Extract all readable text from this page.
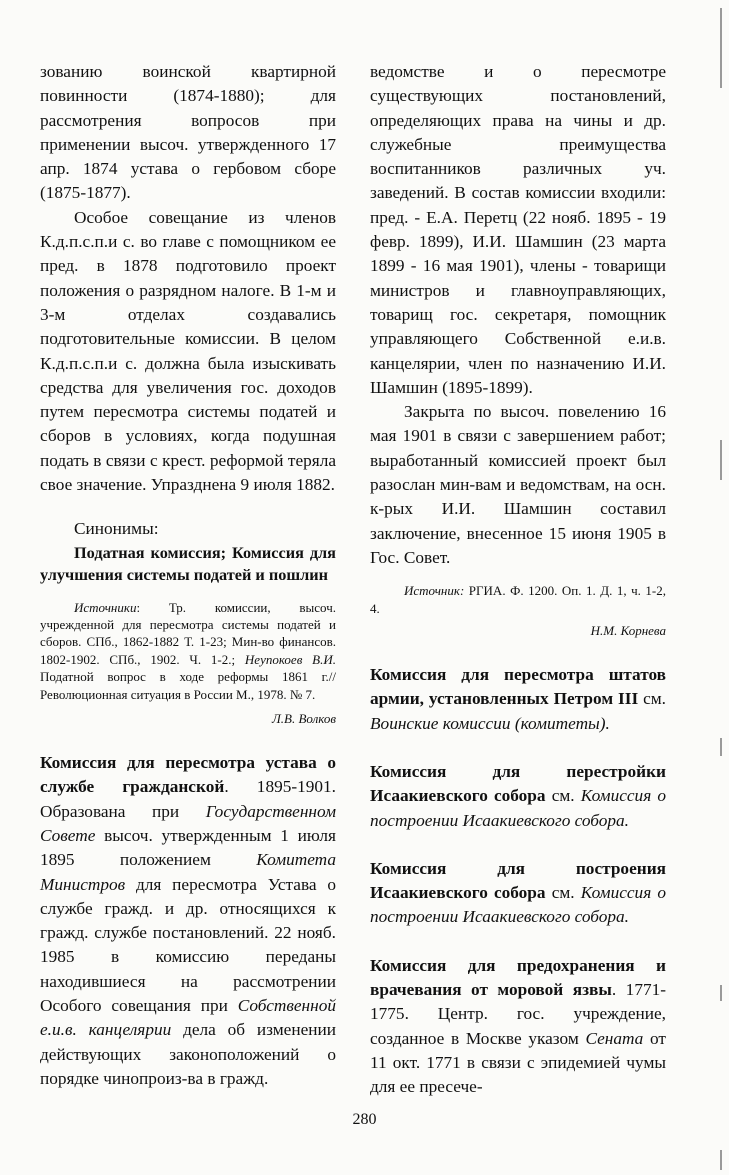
зованию воинской квартирной повинности (1874-1880); для рассмотрения вопросов при применении высоч. утвержденного 17 апр. 1874 устава о гербовом сборе (1875-1877).

Особое совещание из членов К.д.п.с.п.и с. во главе с помощником ее пред. в 1878 подготовило проект положения о разрядном налоге. В 1-м и 3-м отделах создавались подготовительные комиссии. В целом К.д.п.с.п.и с. должна была изыскивать средства для увеличения гос. доходов путем пересмотра системы податей и сборов в условиях, когда подушная подать в связи с крест. реформой теряла свое значение. Упразднена 9 июля 1882.

Синонимы:

Податная комиссия; Комиссия для улучшения системы податей и пошлин

Источники: Тр. комиссии, высоч. учрежденной для пересмотра системы податей и сборов. СПб., 1862-1882 Т. 1-23; Мин-во финансов. 1802-1902. СПб., 1902. Ч. 1-2.; Неупокоев В.И. Податной вопрос в ходе реформы 1861 г.// Революционная ситуация в России М., 1978. № 7.

Л.В. Волков

Комиссия для пересмотра устава о службе гражданской. 1895-1901. Образована при Государственном Совете высоч. утвержденным 1 июля 1895 положением Комитета Министров для пересмотра Устава о службе гражд. и др. относящихся к гражд. службе постановлений. 22 нояб. 1985 в комиссию переданы находившиеся на рассмотрении Особого совещания при Собственной е.и.в. канцелярии дела об изменении действующих законоположений о порядке чинопроиз-ва в гражд.

ведомстве и о пересмотре существующих постановлений, определяющих права на чины и др. служебные преимущества воспитанников различных уч. заведений. В состав комиссии входили: пред. - Е.А. Перетц (22 нояб. 1895 - 19 февр. 1899), И.И. Шамшин (23 марта 1899 - 16 мая 1901), члены - товарищи министров и главноуправляющих, товарищ гос. секретаря, помощник управляющего Собственной е.и.в. канцелярии, член по назначению И.И. Шамшин (1895-1899).

Закрыта по высоч. повелению 16 мая 1901 в связи с завершением работ; выработанный комиссией проект был разослан мин-вам и ведомствам, на осн. к-рых И.И. Шамшин составил заключение, внесенное 15 июня 1905 в Гос. Совет.

Источник: РГИА. Ф. 1200. Оп. 1. Д. 1, ч. 1-2, 4.

Н.М. Корнева

Комиссия для пересмотра штатов армии, установленных Петром III см. Воинские комиссии (комитеты).

Комиссия для перестройки Исаакиевского собора см. Комиссия о построении Исаакиевского собора.

Комиссия для построения Исаакиевского собора см. Комиссия о построении Исаакиевского собора.

Комиссия для предохранения и врачевания от моровой язвы. 1771-1775. Центр. гос. учреждение, созданное в Москве указом Сената от 11 окт. 1771 в связи с эпидемией чумы для ее пресече-

280
